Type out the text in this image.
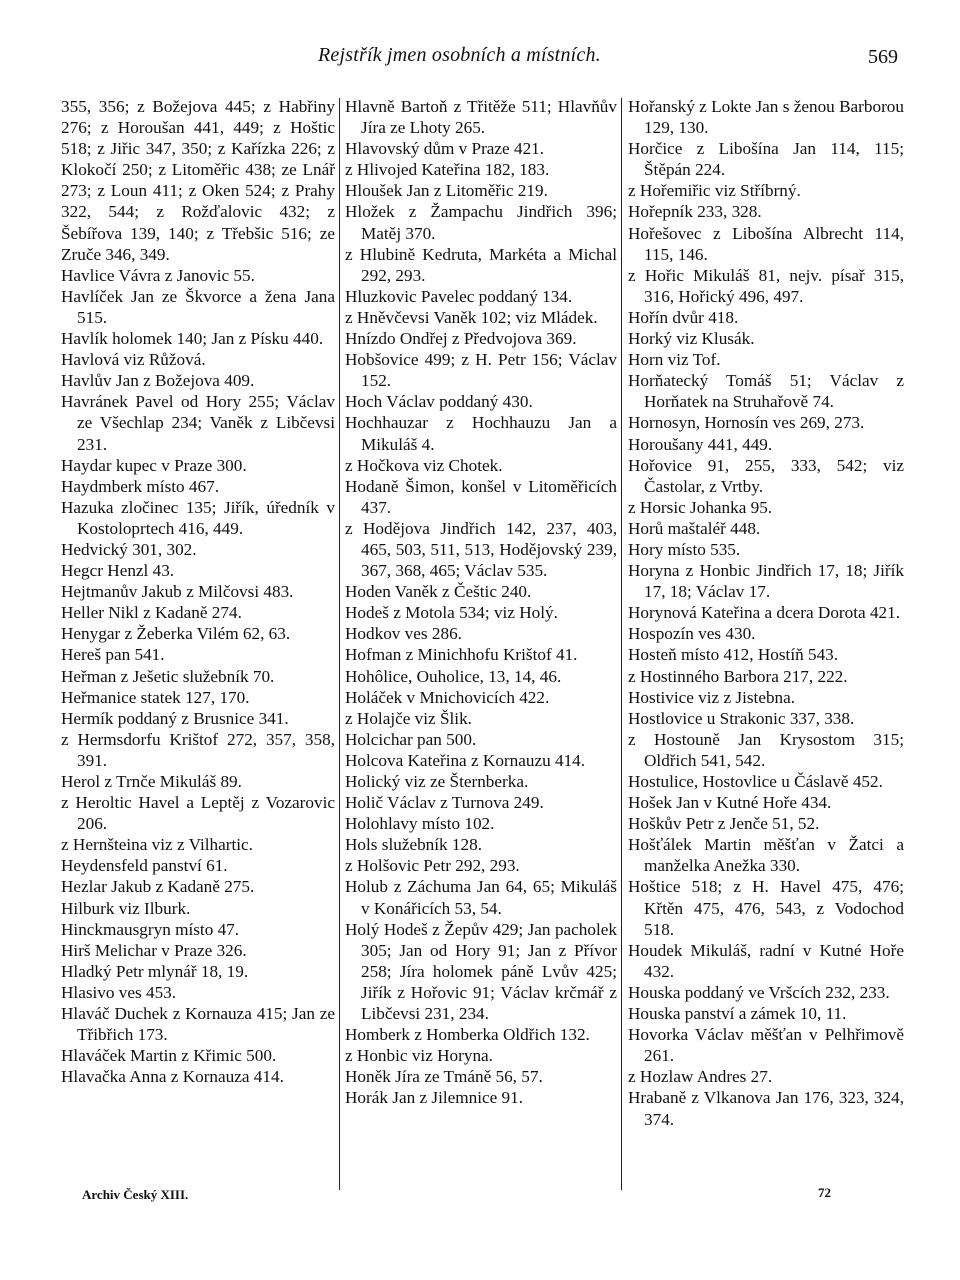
Rejstřík jmen osobních a místních.	569

355, 356; z Božejova 445; z Habřiny 276; z Horoušan 441, 449; z Hoštic 518; z Jiřic 347, 350; z Kařízka 226; z Klokočí 250; z Litoměřic 438; ze Lnář 273; z Loun 411; z Oken 524; z Prahy 322, 544; z Rožďalovic 432; z Šebířova 139, 140; z Třebšic 516; ze Zruče 346, 349.

Havlice Vávra z Janovic 55.

Havlíček Jan ze Škvorce a žena Jana 515.

Havlík holomek 140; Jan z Písku 440.

Havlová viz Růžová.

Havlův Jan z Božejova 409.

Havránek Pavel od Hory 255; Václav ze Všechlap 234; Vaněk z Libčevsi 231.

Haydar kupec v Praze 300.

Haydmberk místo 467.

Hazuka zločinec 135; Jiřík, úředník v Kostoloprtech 416, 449.

Hedvický 301, 302.

Hegcr Henzl 43.

Hejtmanův Jakub z Milčovsi 483.

Heller Nikl z Kadaně 274.

Henygar z Žeberka Vilém 62, 63.

Hereš pan 541.

Heřman z Ješetic služebník 70.

Heřmanice statek 127, 170.

Hermík poddaný z Brusnice 341.

z Hermsdorfu Krištof 272, 357, 358, 391.

Herol z Trnče Mikuláš 89.

z Heroltic Havel a Leptěj z Vozarovic 206.

z Hernšteina viz z Vilhartic.

Heydensfeld panství 61.

Hezlar Jakub z Kadaně 275.

Hilburk viz Ilburk.

Hinckmausgryn místo 47.

Hirš Melichar v Praze 326.

Hladký Petr mlynář 18, 19.

Hlasivo ves 453.

Hlaváč Duchek z Kornauza 415; Jan ze Třibřich 173.

Hlaváček Martin z Křimic 500.

Hlavačka Anna z Kornauza 414.

Hlavně Bartoň z Třitěže 511; Hlavňův Jíra ze Lhoty 265.

Hlavovský dům v Praze 421.

z Hlivojed Kateřina 182, 183.

Hloušek Jan z Litoměřic 219.

Hložek z Žampachu Jindřich 396; Matěj 370.

z Hlubině Kedruta, Markéta a Michal 292, 293.

Hluzkovic Pavelec poddaný 134.

z Hněvčevsi Vaněk 102; viz Mládek.

Hnízdo Ondřej z Předvojova 369.

Hobšovice 499; z H. Petr 156; Václav 152.

Hoch Václav poddaný 430.

Hochhauzar z Hochhauzu Jan a Mikuláš 4.

z Hočkova viz Chotek.

Hodaně Šimon, konšel v Litoměřicích 437.

z Hodějova Jindřich 142, 237, 403, 465, 503, 511, 513, Hodějovský 239, 367, 368, 465; Václav 535.

Hoden Vaněk z Češtic 240.

Hodeš z Motola 534; viz Holý.

Hodkov ves 286.

Hofman z Minichhofu Krištof 41.

Hohôlice, Ouholice, 13, 14, 46.

Holáček v Mnichovicích 422.

z Holajče viz Šlik.

Holcichar pan 500.

Holcova Kateřina z Kornauzu 414.

Holický viz ze Šternberka.

Holič Václav z Turnova 249.

Holohlavy místo 102.

Hols služebník 128.

z Holšovic Petr 292, 293.

Holub z Záchuma Jan 64, 65; Mikuláš v Konářicích 53, 54.

Holý Hodeš z Žepův 429; Jan pacholek 305; Jan od Hory 91; Jan z Přívor 258; Jíra holomek páně Lvův 425; Jiřík z Hořovic 91; Václav krčmář z Libčevsi 231, 234.

Homberk z Homberka Oldřich 132.

z Honbic viz Horyna.

Honěk Jíra ze Tmáně 56, 57.

Horák Jan z Jilemnice 91.

Hořanský z Lokte Jan s ženou Barborou 129, 130.

Horčice z Libošína Jan 114, 115; Štěpán 224.

z Hořemiřic viz Stříbrný.

Hořepník 233, 328.

Hořešovec z Libošína Albrecht 114, 115, 146.

z Hořic Mikuláš 81, nejv. písař 315, 316, Hořický 496, 497.

Hořín dvůr 418.

Horký viz Klusák.

Horn viz Tof.

Horňatecký Tomáš 51; Václav z Horňatek na Struhařově 74.

Hornosyn, Hornosín ves 269, 273.

Horoušany 441, 449.

Hořovice 91, 255, 333, 542; viz Častolar, z Vrtby.

z Horsic Johanka 95.

Horů maštaléř 448.

Hory místo 535.

Horyna z Honbic Jindřich 17, 18; Jiřík 17, 18; Václav 17.

Horynová Kateřina a dcera Dorota 421.

Hospozín ves 430.

Hosteň místo 412, Hostíň 543.

z Hostinného Barbora 217, 222.

Hostivice viz z Jistebna.

Hostlovice u Strakonic 337, 338.

z Hostouně Jan Krysostom 315; Oldřich 541, 542.

Hostulice, Hostovlice u Čáslavě 452.

Hošek Jan v Kutné Hoře 434.

Hoškův Petr z Jenče 51, 52.

Hošťálek Martin měšťan v Žatci a manželka Anežka 330.

Hoštice 518; z H. Havel 475, 476; Křtěn 475, 476, 543, z Vodochod 518.

Houdek Mikuláš, radní v Kutné Hoře 432.

Houska poddaný ve Vršcích 232, 233.

Houska panství a zámek 10, 11.

Hovorka Václav měšťan v Pelhřimově 261.

z Hozlaw Andres 27.

Hrabaně z Vlkanova Jan 176, 323, 324, 374.

Archiv Český XIII.	72
